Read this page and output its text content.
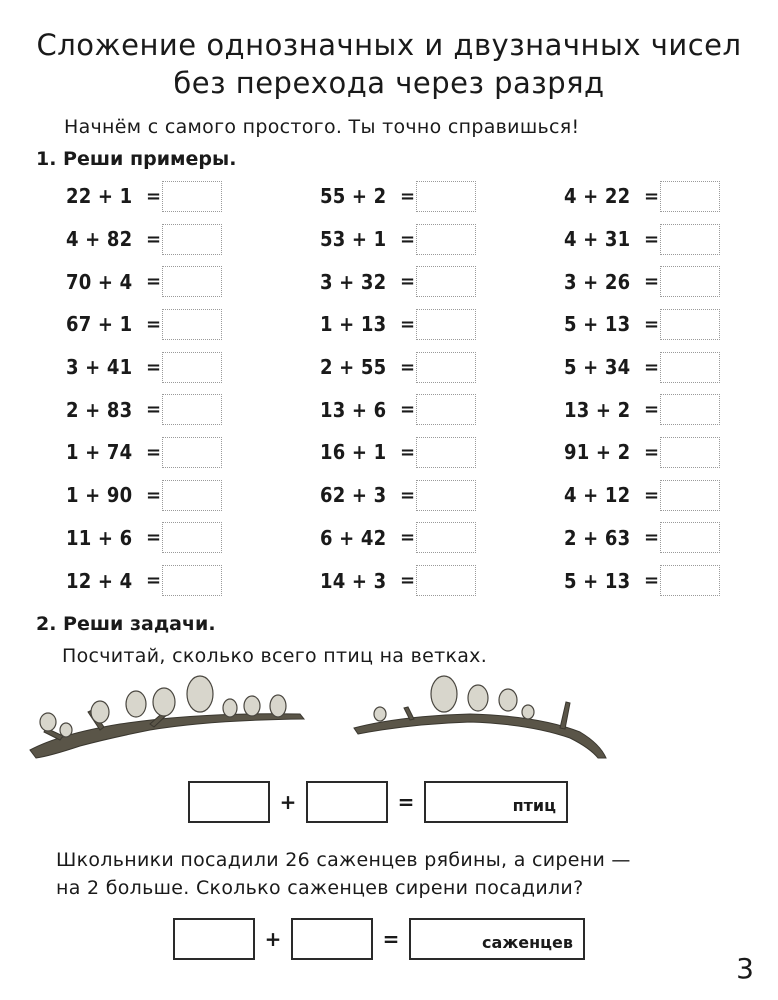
Сложение однозначных и двузначных чисел
без перехода через разряд
Начнём с самого простого. Ты точно справишься!
1. Реши примеры.
22 + 1 =
4 + 82 =
70 + 4 =
67 + 1 =
3 + 41 =
2 + 83 =
1 + 74 =
1 + 90 =
11 + 6 =
12 + 4 =
55 + 2 =
53 + 1 =
3 + 32 =
1 + 13 =
2 + 55 =
13 + 6 =
16 + 1 =
62 + 3 =
6 + 42 =
14 + 3 =
4 + 22 =
4 + 31 =
3 + 26 =
5 + 13 =
5 + 34 =
13 + 2 =
91 + 2 =
4 + 12 =
2 + 63 =
5 + 13 =
2. Реши задачи.
Посчитай, сколько всего птиц на ветках.
+	=	птиц
Школьники посадили 26 саженцев рябины, а сирени —
на 2 больше. Сколько саженцев сирени посадили?
+	=	саженцев
3
